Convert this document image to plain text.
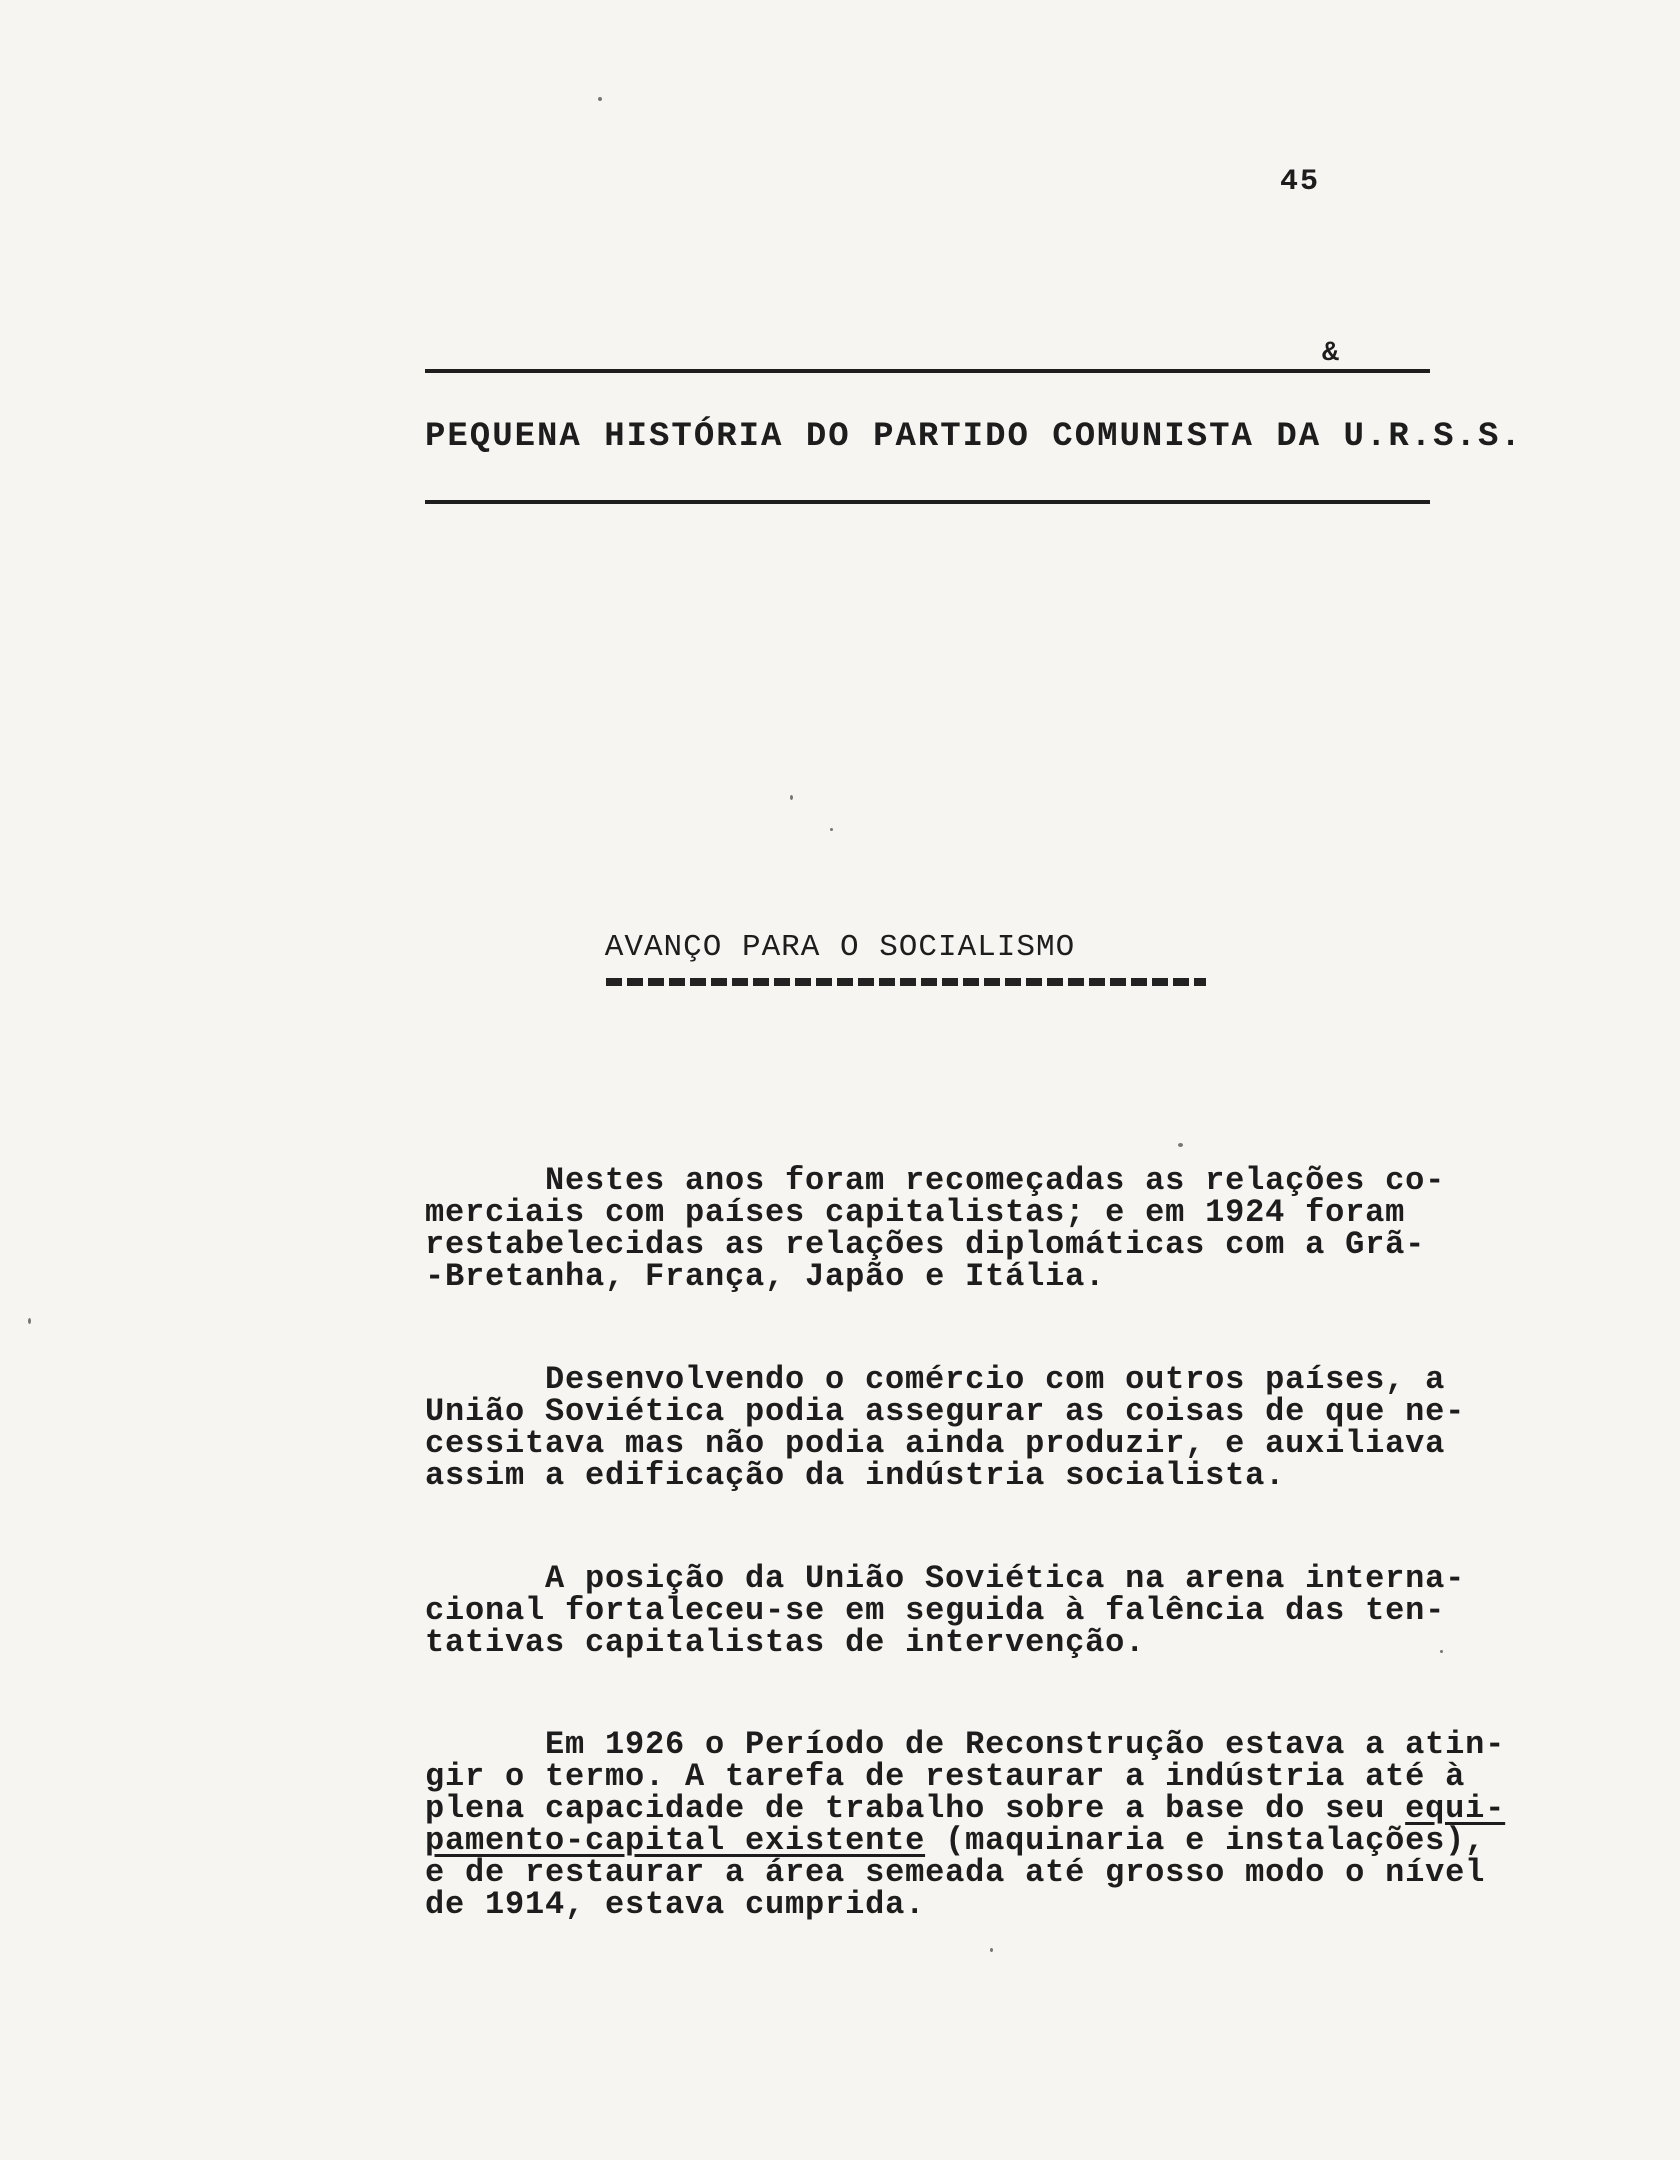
45
&
PEQUENA HISTÓRIA DO PARTIDO COMUNISTA DA U.R.S.S.
AVANÇO PARA O SOCIALISMO
Nestes anos foram recomeçadas as relações co-
merciais com países capitalistas; e em 1924 foram
restabelecidas as relações diplomáticas com a Grã-
-Bretanha, França, Japão e Itália.
Desenvolvendo o comércio com outros países, a
União Soviética podia assegurar as coisas de que ne-
cessitava mas não podia ainda produzir, e auxiliava
assim a edificação da indústria socialista.
A posição da União Soviética na arena interna-
cional fortaleceu-se em seguida à falência das ten-
tativas capitalistas de intervenção.
Em 1926 o Período de Reconstrução estava a atin-
gir o termo. A tarefa de restaurar a indústria até à
plena capacidade de trabalho sobre a base do seu equi-
pamento-capital existente (maquinaria e instalações),
e de restaurar a área semeada até grosso modo o nível
de 1914, estava cumprida.
